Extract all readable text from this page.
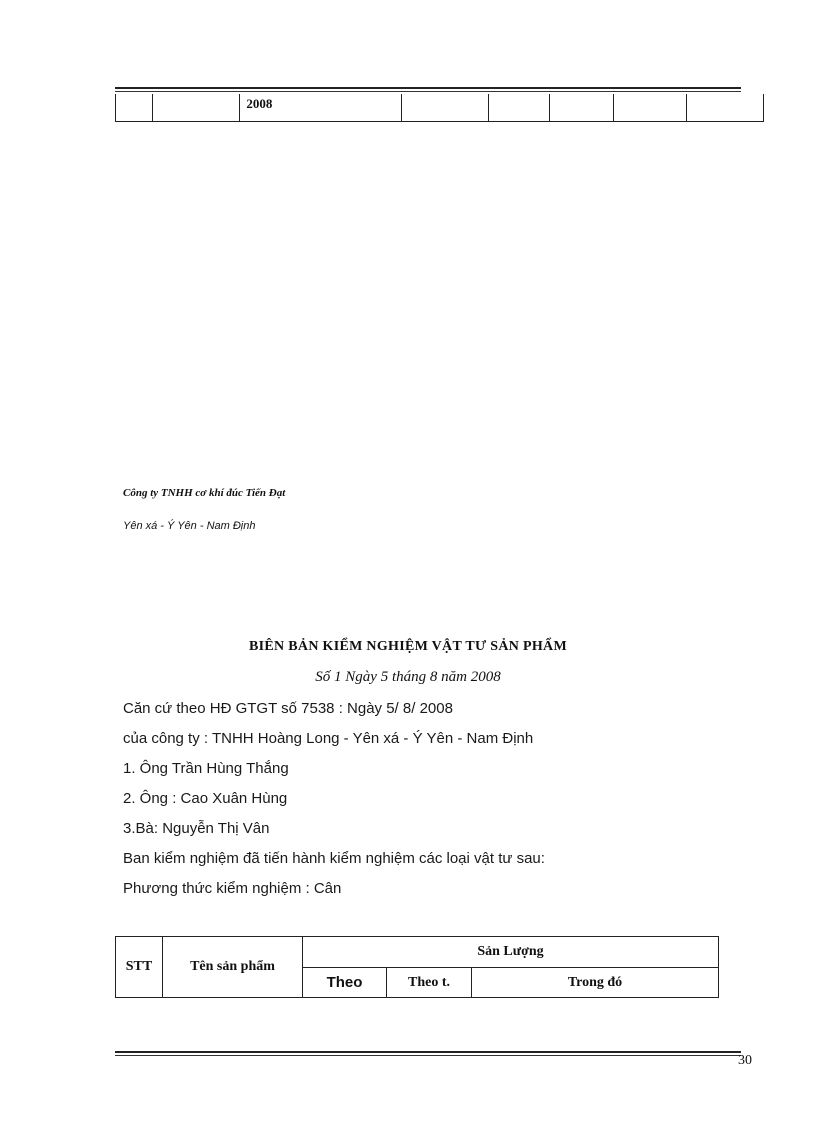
		2008					
Công ty TNHH cơ khí đúc Tiến Đạt
Yên xá - Ý Yên - Nam Định
BIÊN BẢN KIỂM NGHIỆM VẬT TƯ SẢN PHẨM
Số 1 Ngày 5 tháng 8 năm 2008
Căn cứ theo HĐ GTGT số 7538 : Ngày 5/ 8/ 2008
của công ty : TNHH Hoàng Long - Yên xá - Ý Yên - Nam Định
1. Ông Trần Hùng Thắng
2. Ông : Cao Xuân Hùng
3.Bà: Nguyễn Thị Vân
Ban kiểm nghiệm đã tiến hành kiểm nghiệm các loại vật tư sau:
Phương thức kiểm nghiệm : Cân
STT	Tên sản phẩm	Sản Lượng		
		Theo	Theo t.	Trong đó
30
